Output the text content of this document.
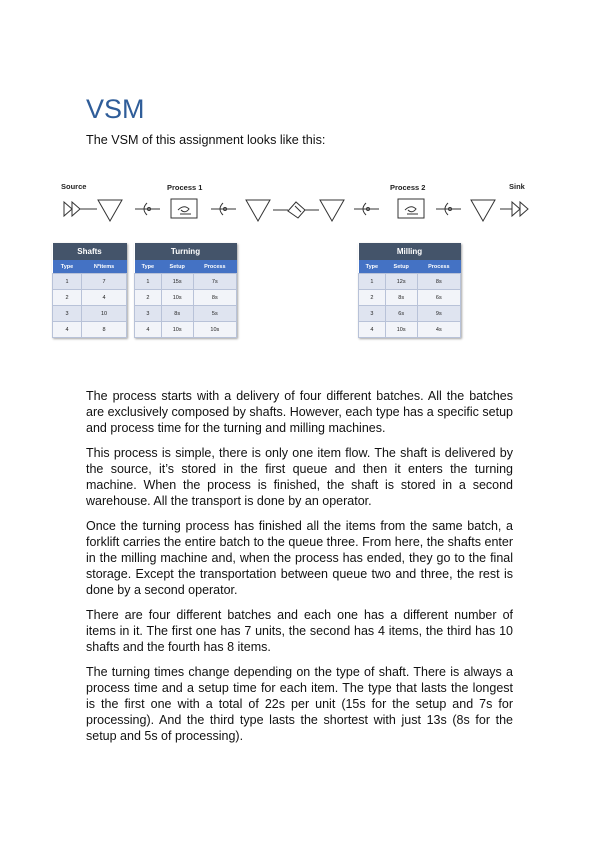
VSM
The VSM of this assignment looks like this:
Source	Process 1	Process 2	Sink
Shafts	
Type	Nºitems
1	7
2	4
3	10
4	8
Turning		
Type	Setup	Process
1	15s	7s
2	10s	8s
3	8s	5s
4	10s	10s
Milling		
Type	Setup	Process
1	12s	8s
2	8s	6s
3	6s	9s
4	10s	4s

The process starts with a delivery of four different batches. All the batches are exclusively composed by shafts. However, each type has a specific setup and process time for the turning and milling machines.

This process is simple, there is only one item flow. The shaft is delivered by the source, it’s stored in the first queue and then it enters the turning machine. When the process is finished, the shaft is stored in a second warehouse. All the transport is done by an operator.

Once the turning process has finished all the items from the same batch, a forklift carries the entire batch to the queue three. From here, the shafts enter in the milling machine and, when the process has ended, they go to the final storage. Except the transportation between queue two and three, the rest is done by a second operator.

There are four different batches and each one has a different number of items in it. The first one has 7 units, the second has 4 items, the third has 10 shafts and the fourth has 8 items.

The turning times change depending on the type of shaft. There is always a process time and a setup time for each item. The type that lasts the longest is the first one with a total of 22s per unit (15s for the setup and 7s for processing). And the third type lasts the shortest with just 13s (8s for the setup and 5s of processing).
